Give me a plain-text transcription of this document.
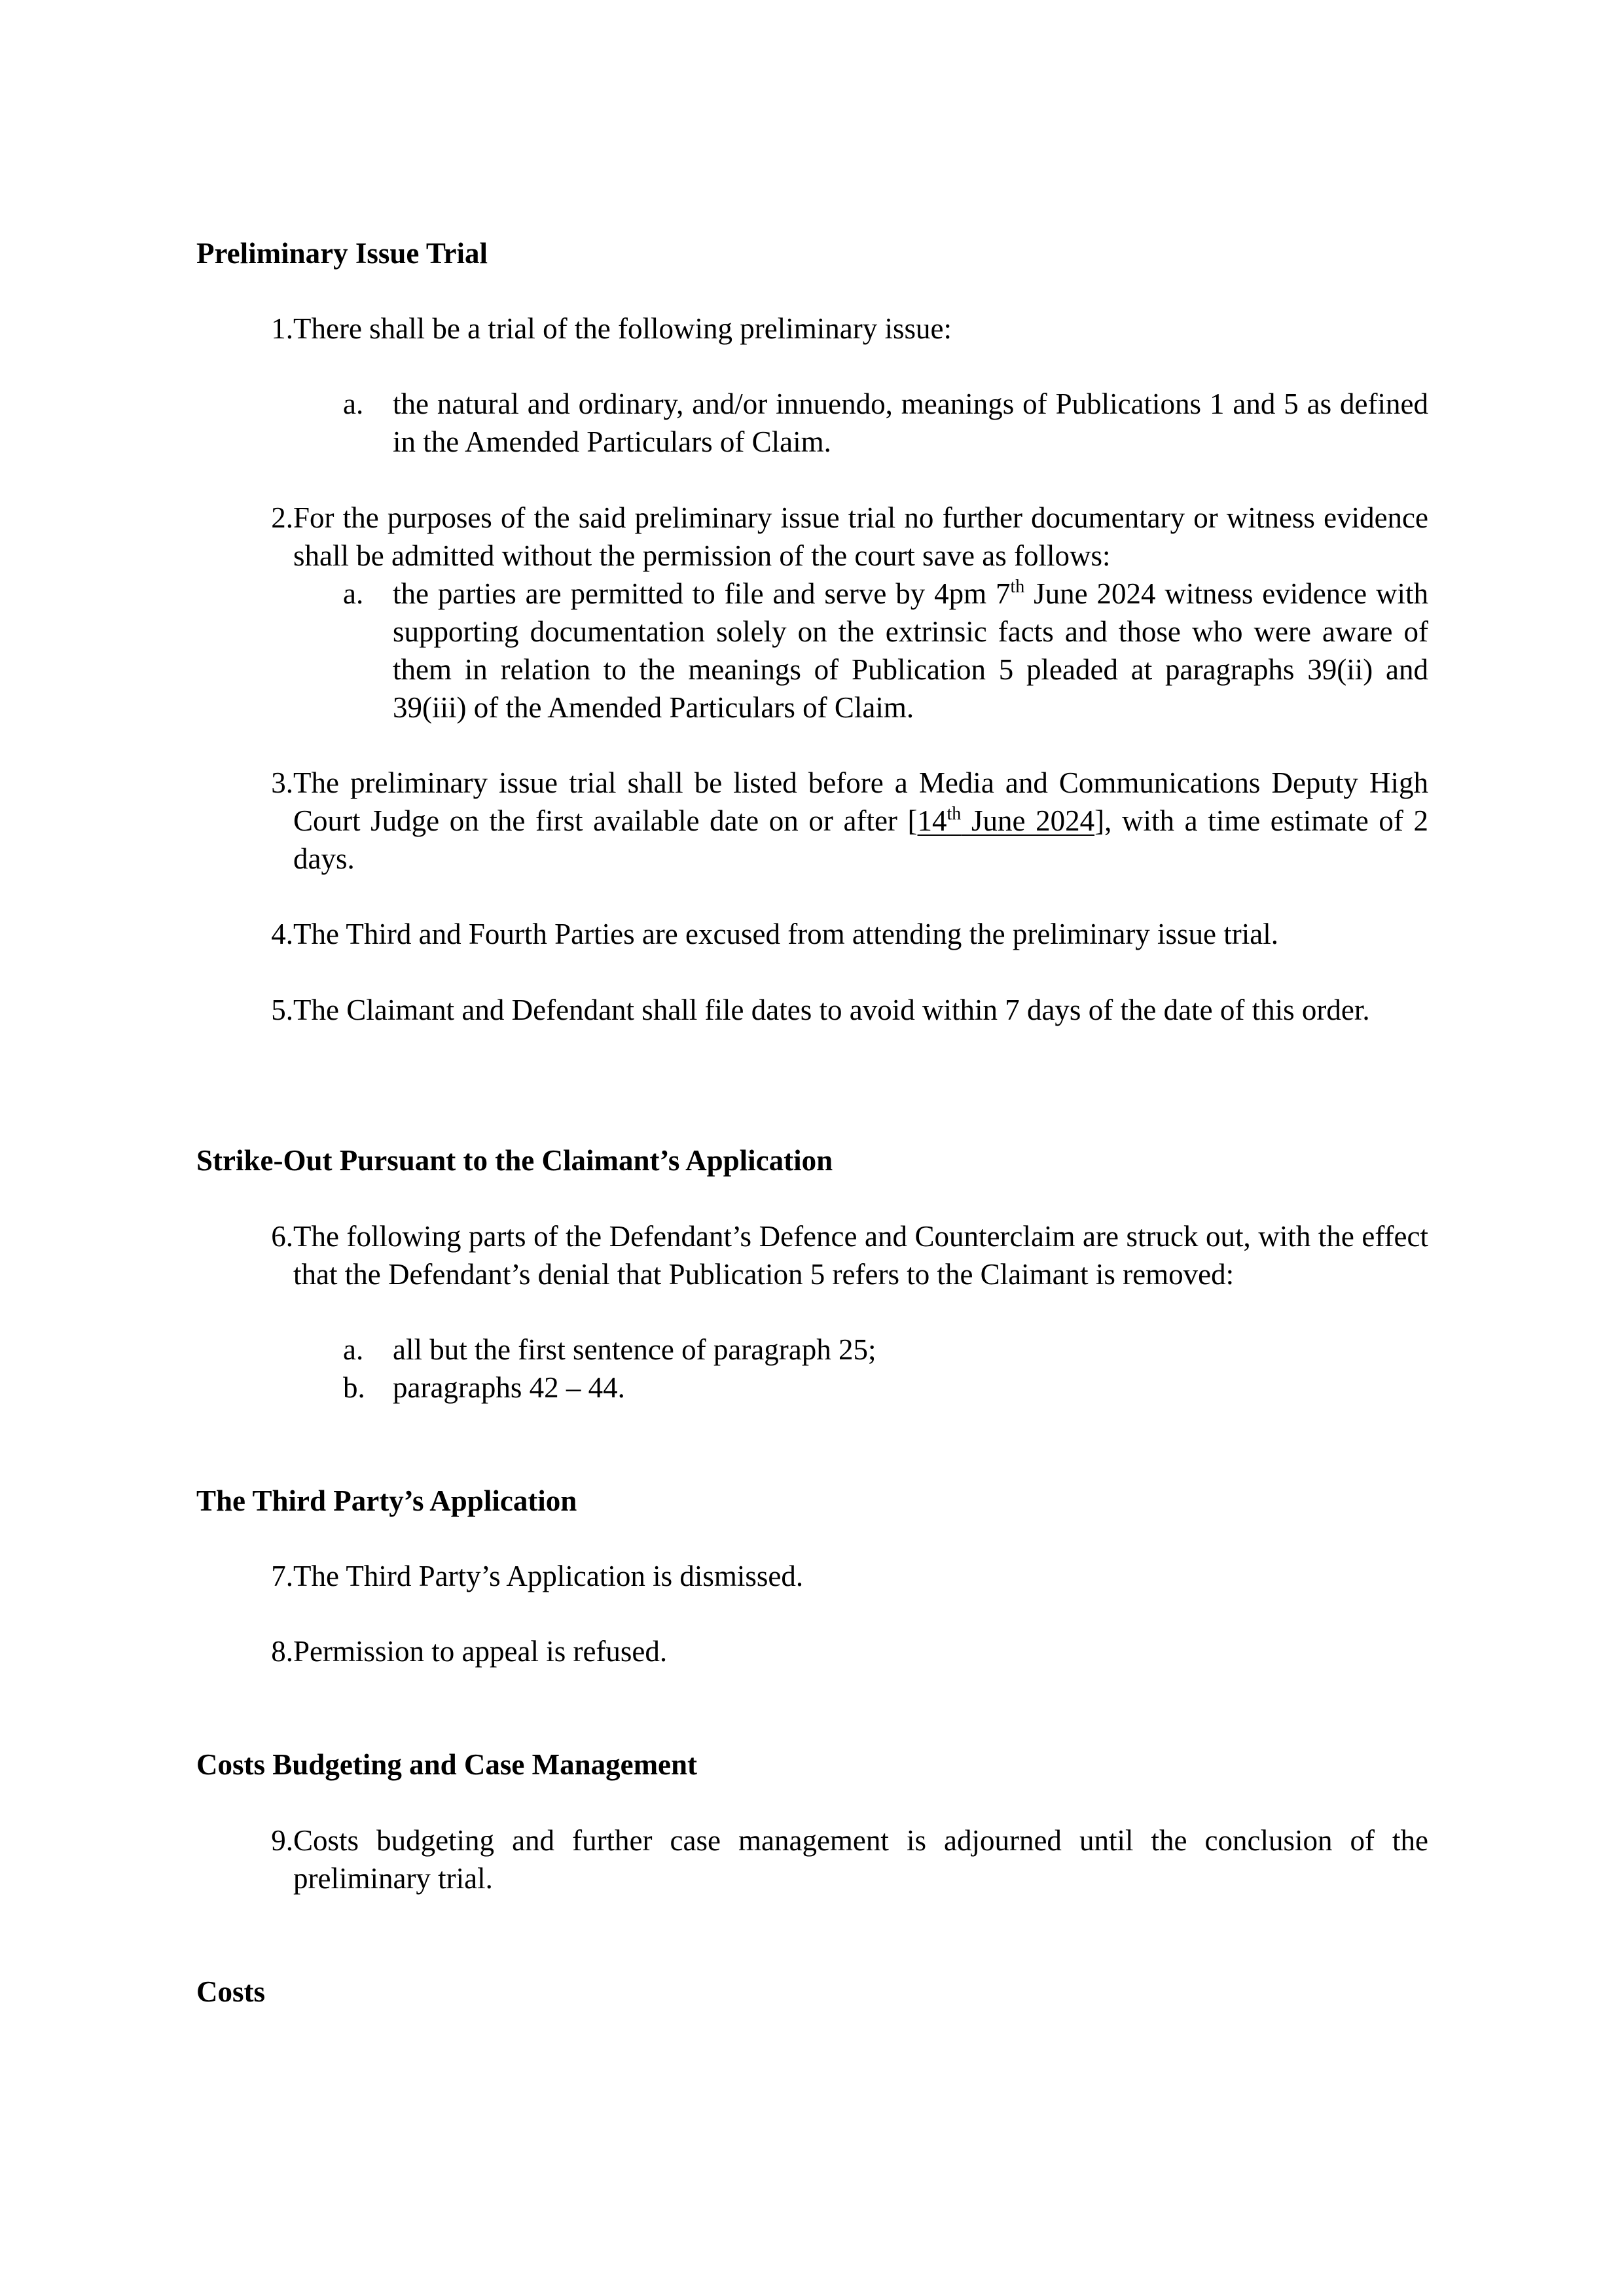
Preliminary Issue Trial
1. There shall be a trial of the following preliminary issue:
a. the natural and ordinary, and/or innuendo, meanings of Publications 1 and 5 as defined in the Amended Particulars of Claim.
2. For the purposes of the said preliminary issue trial no further documentary or witness evidence shall be admitted without the permission of the court save as follows:
a. the parties are permitted to file and serve by 4pm 7th June 2024 witness evidence with supporting documentation solely on the extrinsic facts and those who were aware of them in relation to the meanings of Publication 5 pleaded at paragraphs 39(ii) and 39(iii) of the Amended Particulars of Claim.
3. The preliminary issue trial shall be listed before a Media and Communications Deputy High Court Judge on the first available date on or after [14th June 2024], with a time estimate of 2 days.
4. The Third and Fourth Parties are excused from attending the preliminary issue trial.
5. The Claimant and Defendant shall file dates to avoid within 7 days of the date of this order.
Strike-Out Pursuant to the Claimant’s Application
6. The following parts of the Defendant’s Defence and Counterclaim are struck out, with the effect that the Defendant’s denial that Publication 5 refers to the Claimant is removed:
a. all but the first sentence of paragraph 25;
b. paragraphs 42 – 44.
The Third Party’s Application
7. The Third Party’s Application is dismissed.
8. Permission to appeal is refused.
Costs Budgeting and Case Management
9. Costs budgeting and further case management is adjourned until the conclusion of the preliminary trial.
Costs
